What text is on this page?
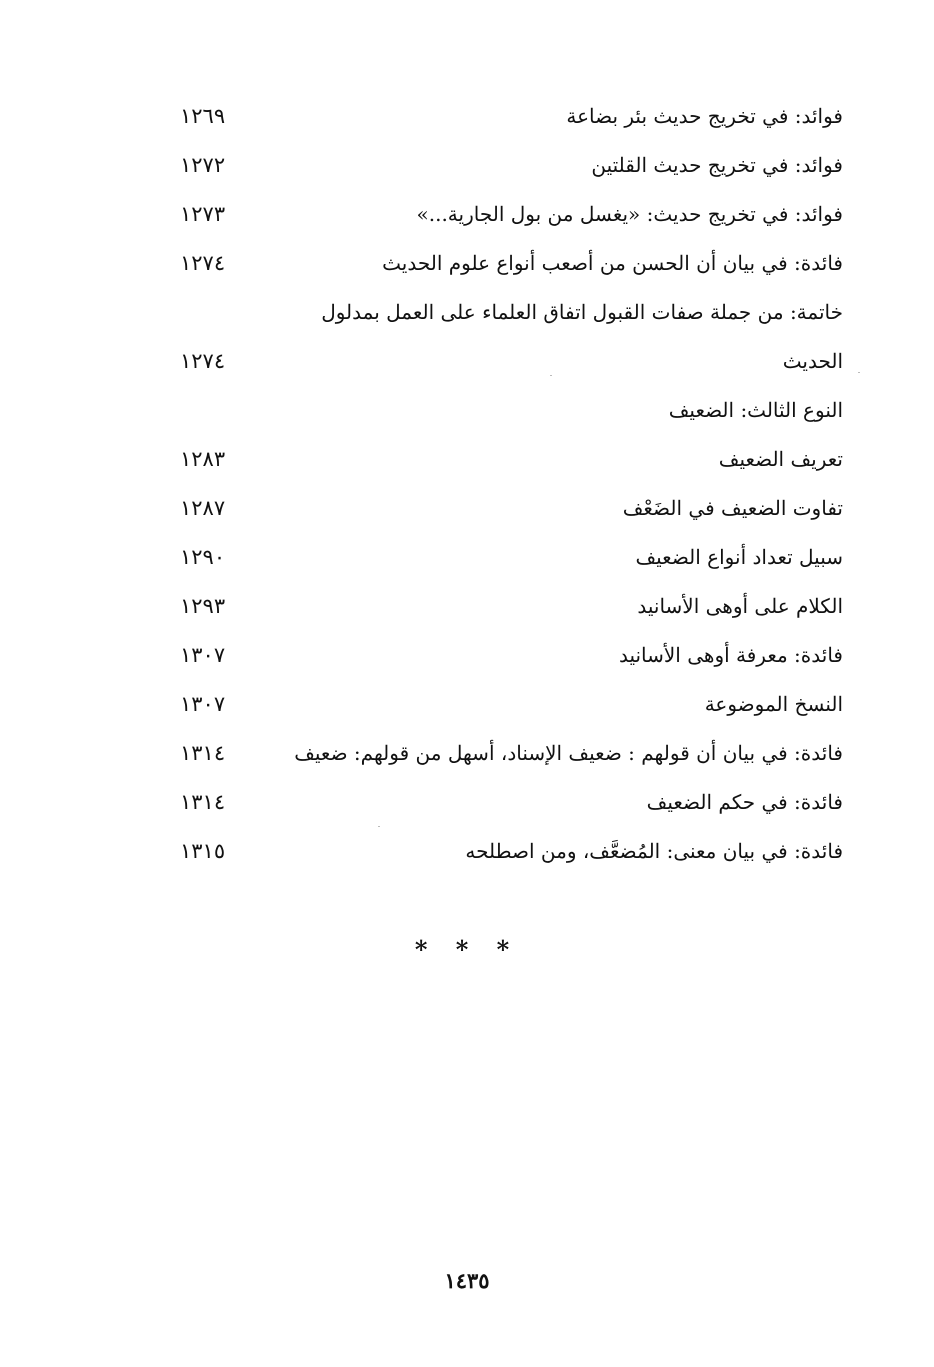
فوائد: في تخريج حديث بئر بضاعة
١٢٦٩
فوائد: في تخريج حديث القلتين
١٢٧٢
فوائد: في تخريج حديث: «يغسل من بول الجارية...»
١٢٧٣
فائدة: في بيان أن الحسن من أصعب أنواع علوم الحديث
١٢٧٤
خاتمة: من جملة صفات القبول اتفاق العلماء على العمل بمدلول
الحديث
١٢٧٤
النوع الثالث: الضعيف
تعريف الضعيف
١٢٨٣
تفاوت الضعيف في الضَعْف
١٢٨٧
سبيل تعداد أنواع الضعيف
١٢٩٠
الكلام على أوهى الأسانيد
١٢٩٣
فائدة: معرفة أوهى الأسانيد
١٣٠٧
النسخ الموضوعة
١٣٠٧
فائدة: في بيان أن قولهم : ضعيف الإسناد، أسهل من قولهم: ضعيف
١٣١٤
فائدة: في حكم الضعيف
١٣١٤
فائدة: في بيان معنى: المُضعَّف، ومن اصطلحه
١٣١٥
* * *
١٤٣٥
